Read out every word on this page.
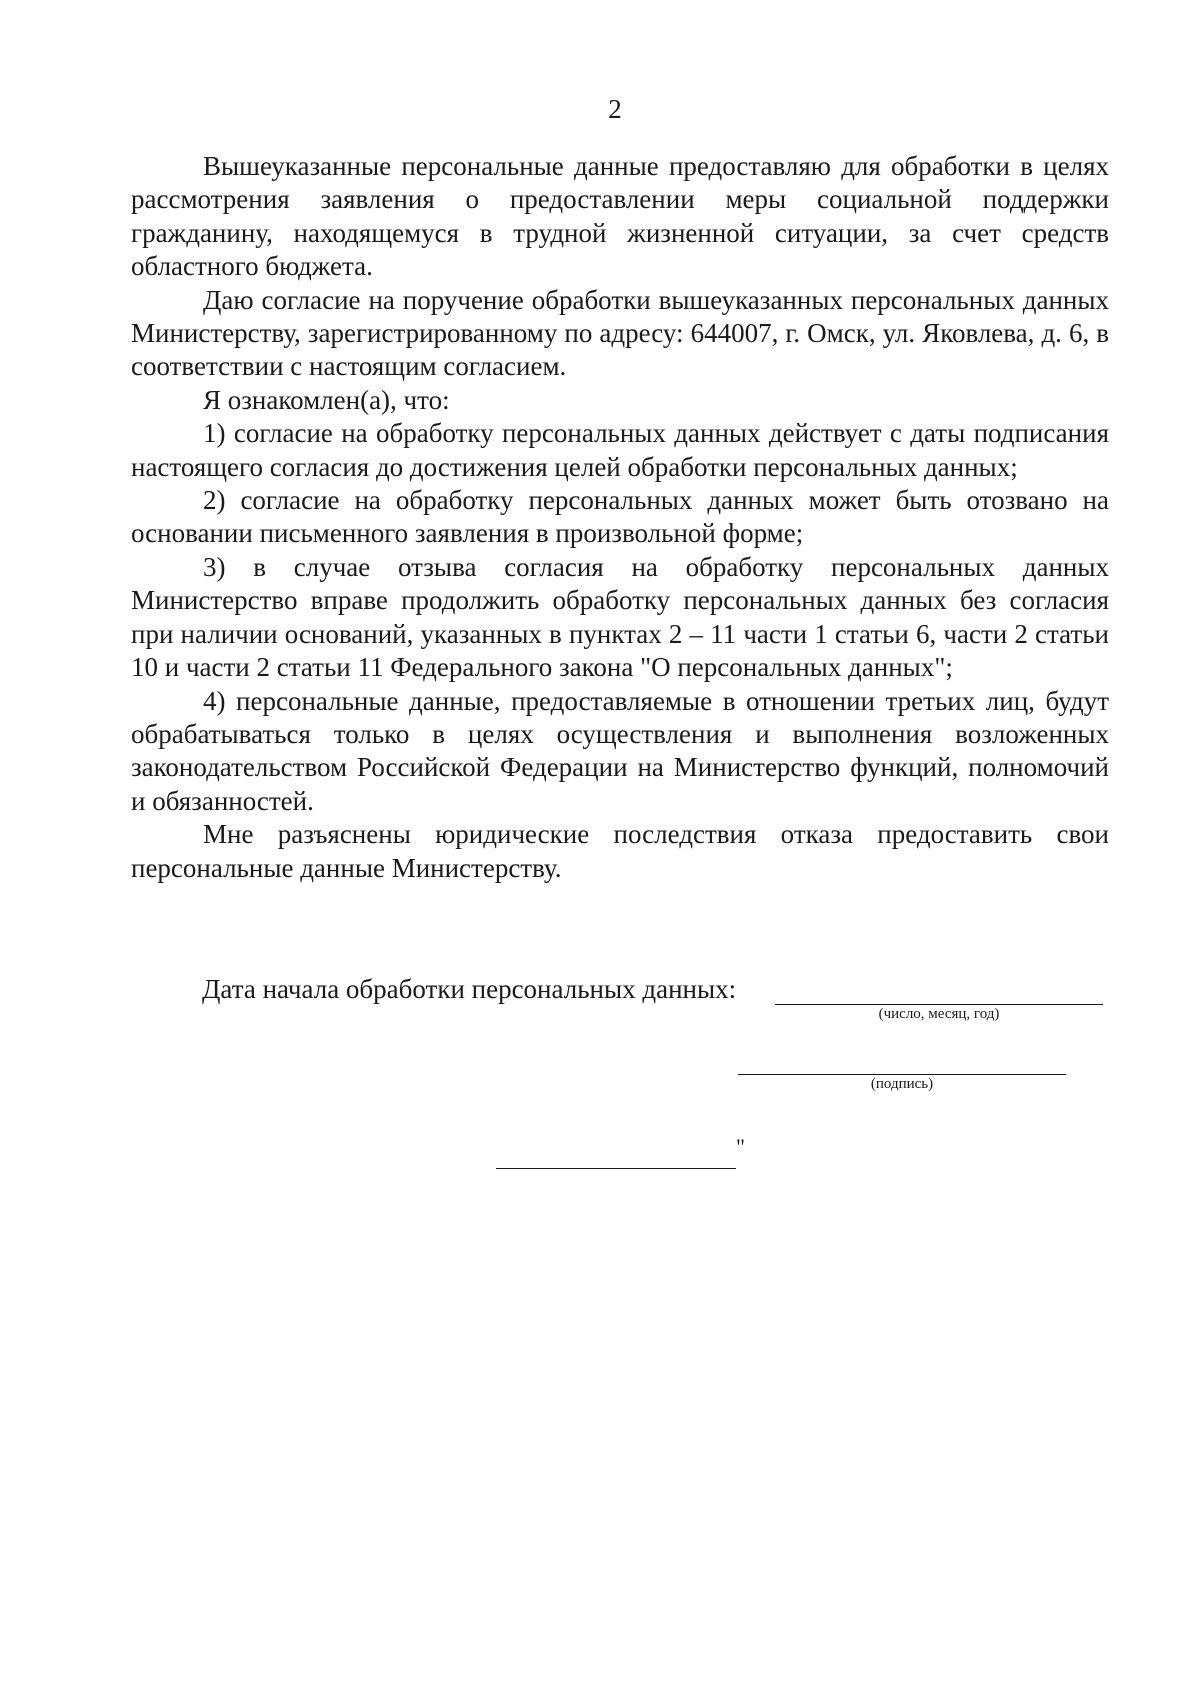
2

Вышеуказанные персональные данные предоставляю для обработки в целях рассмотрения заявления о предоставлении меры социальной поддержки гражданину, находящемуся в трудной жизненной ситуации, за счет средств областного бюджета.

Даю согласие на поручение обработки вышеуказанных персональных данных Министерству, зарегистрированному по адресу: 644007, г. Омск, ул. Яковлева, д. 6, в соответствии с настоящим согласием.

Я ознакомлен(а), что:

1) согласие на обработку персональных данных действует с даты подписания настоящего согласия до достижения целей обработки персональных данных;

2) согласие на обработку персональных данных может быть отозвано на основании письменного заявления в произвольной форме;

3) в случае отзыва согласия на обработку персональных данных Министерство вправе продолжить обработку персональных данных без согласия при наличии оснований, указанных в пунктах 2 – 11 части 1 статьи 6, части 2 статьи 10 и части 2 статьи 11 Федерального закона "О персональных данных";

4) персональные данные, предоставляемые в отношении третьих лиц, будут обрабатываться только в целях осуществления и выполнения возложенных законодательством Российской Федерации на Министерство функций, полномочий и обязанностей.

Мне разъяснены юридические последствия отказа предоставить свои персональные данные Министерству.

Дата начала обработки персональных данных:
(число, месяц, год)
(подпись)
"
